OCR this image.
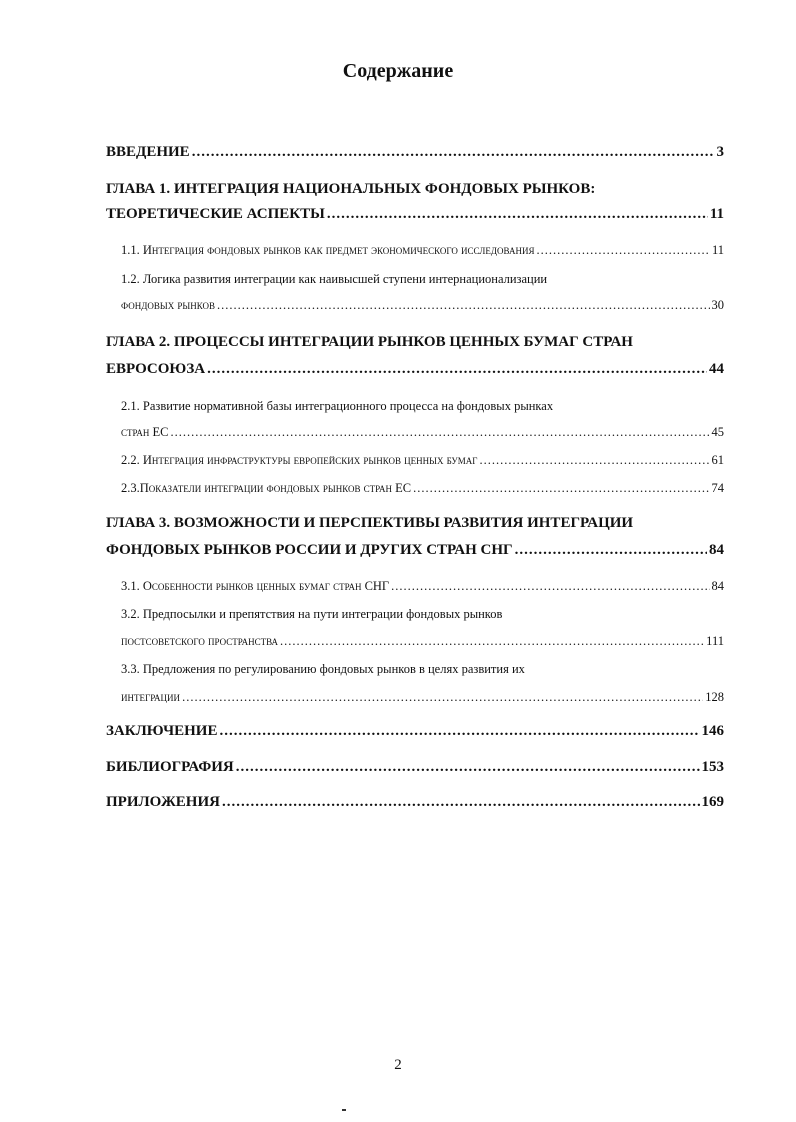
Содержание
ВВЕДЕНИЕ .....	3
ГЛАВА 1. ИНТЕГРАЦИЯ НАЦИОНАЛЬНЫХ ФОНДОВЫХ РЫНКОВ:
ТЕОРЕТИЧЕСКИЕ АСПЕКТЫ .....	11
1.1. Интеграция фондовых рынков как предмет экономического исследования .....	11
1.2. Логика развития интеграции как наивысшей ступени интернационализации
фондовых рынков .....	30
ГЛАВА 2. ПРОЦЕССЫ ИНТЕГРАЦИИ РЫНКОВ ЦЕННЫХ БУМАГ СТРАН
ЕВРОСОЮЗА .....	44
2.1. Развитие нормативной базы интеграционного процесса на фондовых рынках
стран ЕС .....	45
2.2. Интеграция инфраструктуры европейских рынков ценных бумаг .....	61
2.3.Показатели интеграции фондовых рынков стран ЕС .....	74
ГЛАВА 3. ВОЗМОЖНОСТИ И ПЕРСПЕКТИВЫ РАЗВИТИЯ ИНТЕГРАЦИИ
ФОНДОВЫХ РЫНКОВ РОССИИ И ДРУГИХ СТРАН СНГ .....	84
3.1. Особенности рынков ценных бумаг стран СНГ .....	84
3.2. Предпосылки и препятствия на пути интеграции фондовых рынков
постсоветского пространства .....	111
3.3. Предложения по регулированию фондовых рынков в целях развития их
интеграции .....	128
ЗАКЛЮЧЕНИЕ .....	146
БИБЛИОГРАФИЯ .....	153
ПРИЛОЖЕНИЯ .....	169
2
